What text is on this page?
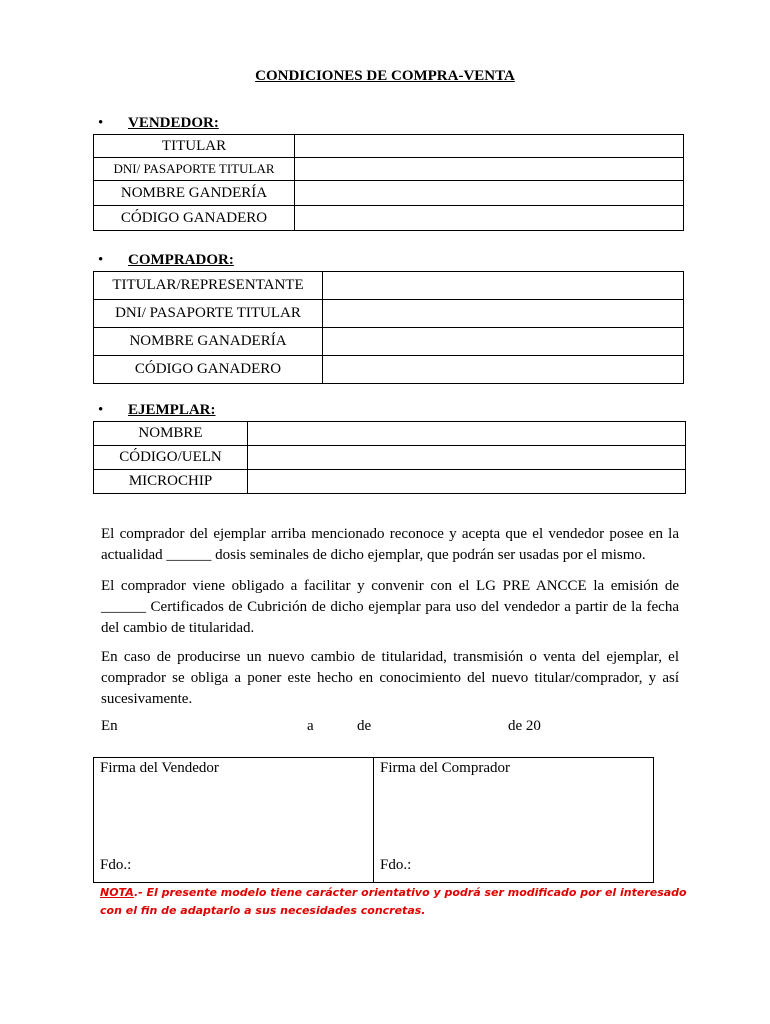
CONDICIONES DE COMPRA-VENTA
• VENDEDOR:
TITULAR	
DNI/ PASAPORTE TITULAR	
NOMBRE GANDERÍA	
CÓDIGO GANADERO	
• COMPRADOR:
TITULAR/REPRESENTANTE	
DNI/ PASAPORTE TITULAR	
NOMBRE GANADERÍA	
CÓDIGO GANADERO	
• EJEMPLAR:
NOMBRE	
CÓDIGO/UELN	
MICROCHIP	
El comprador del ejemplar arriba mencionado reconoce y acepta que el vendedor posee en la actualidad ______ dosis seminales de dicho ejemplar, que podrán ser usadas por el mismo.
El comprador viene obligado a facilitar y convenir con el LG PRE ANCCE la emisión de ______ Certificados de Cubrición de dicho ejemplar para uso del vendedor a partir de la fecha del cambio de titularidad.
En caso de producirse un nuevo cambio de titularidad, transmisión o venta del ejemplar, el comprador se obliga a poner este hecho en conocimiento del nuevo titular/comprador, y así sucesivamente.
En	a	de	de 20
Firma del Vendedor
Fdo.:

Firma del Comprador
Fdo.:
NOTA.- El presente modelo tiene carácter orientativo y podrá ser modificado por el interesado con el fin de adaptarlo a sus necesidades concretas.
